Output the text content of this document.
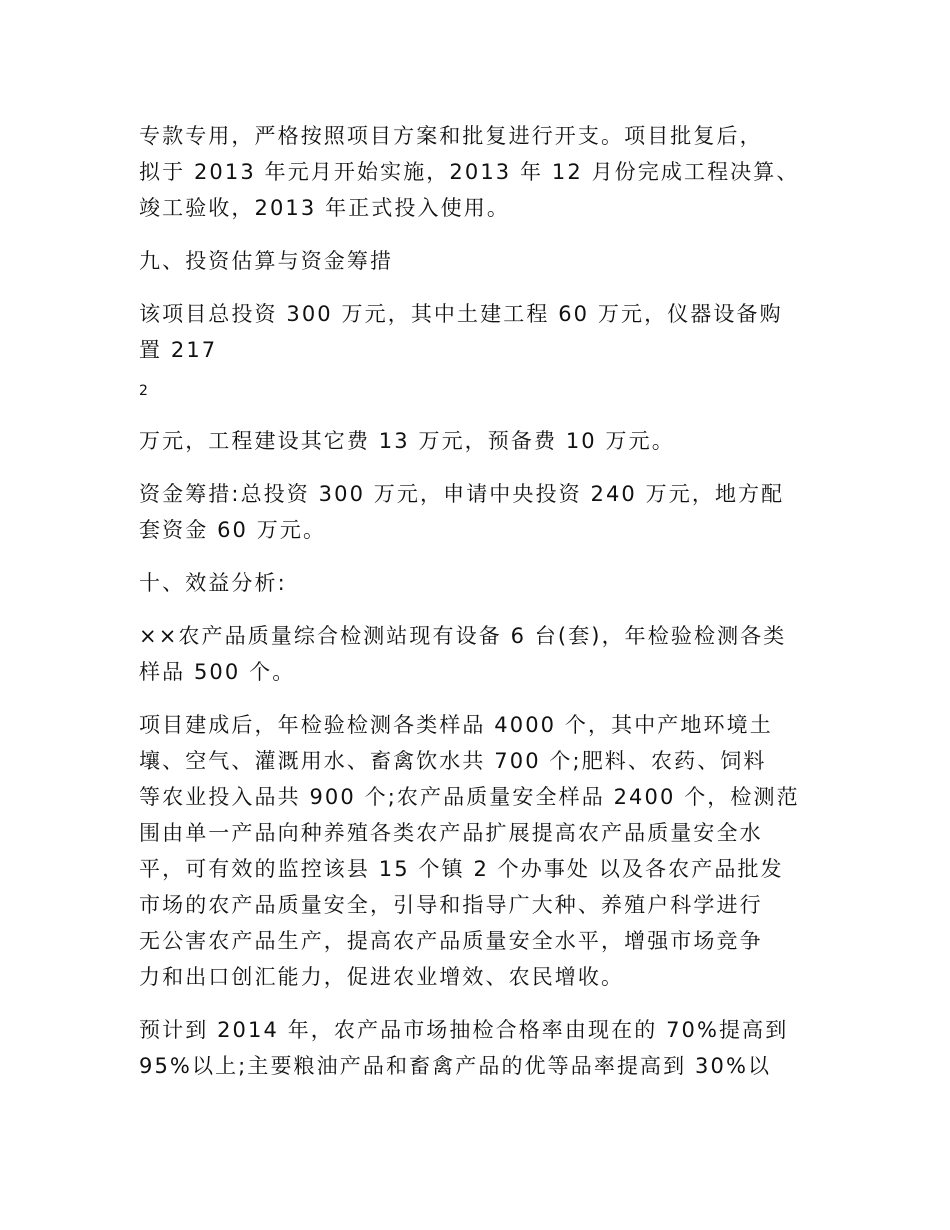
专款专用，严格按照项目方案和批复进行开支。项目批复后，
拟于 2013 年元月开始实施，2013 年 12 月份完成工程决算、
竣工验收，2013 年正式投入使用。

九、投资估算与资金筹措

该项目总投资 300 万元，其中土建工程 60 万元，仪器设备购
置 217

2

万元，工程建设其它费 13 万元，预备费 10 万元。

资金筹措:总投资 300 万元，申请中央投资 240 万元，地方配
套资金 60 万元。

十、效益分析:

××农产品质量综合检测站现有设备 6 台(套)，年检验检测各类
样品 500 个。

项目建成后，年检验检测各类样品 4000 个，其中产地环境土
壤、空气、灌溉用水、畜禽饮水共 700 个;肥料、农药、饲料
等农业投入品共 900 个;农产品质量安全样品 2400 个，检测范
围由单一产品向种养殖各类农产品扩展提高农产品质量安全水
平，可有效的监控该县 15 个镇 2 个办事处 以及各农产品批发
市场的农产品质量安全，引导和指导广大种、养殖户科学进行
无公害农产品生产，提高农产品质量安全水平，增强市场竞争
力和出口创汇能力，促进农业增效、农民增收。

预计到 2014 年，农产品市场抽检合格率由现在的 70%提高到
95%以上;主要粮油产品和畜禽产品的优等品率提高到 30%以
